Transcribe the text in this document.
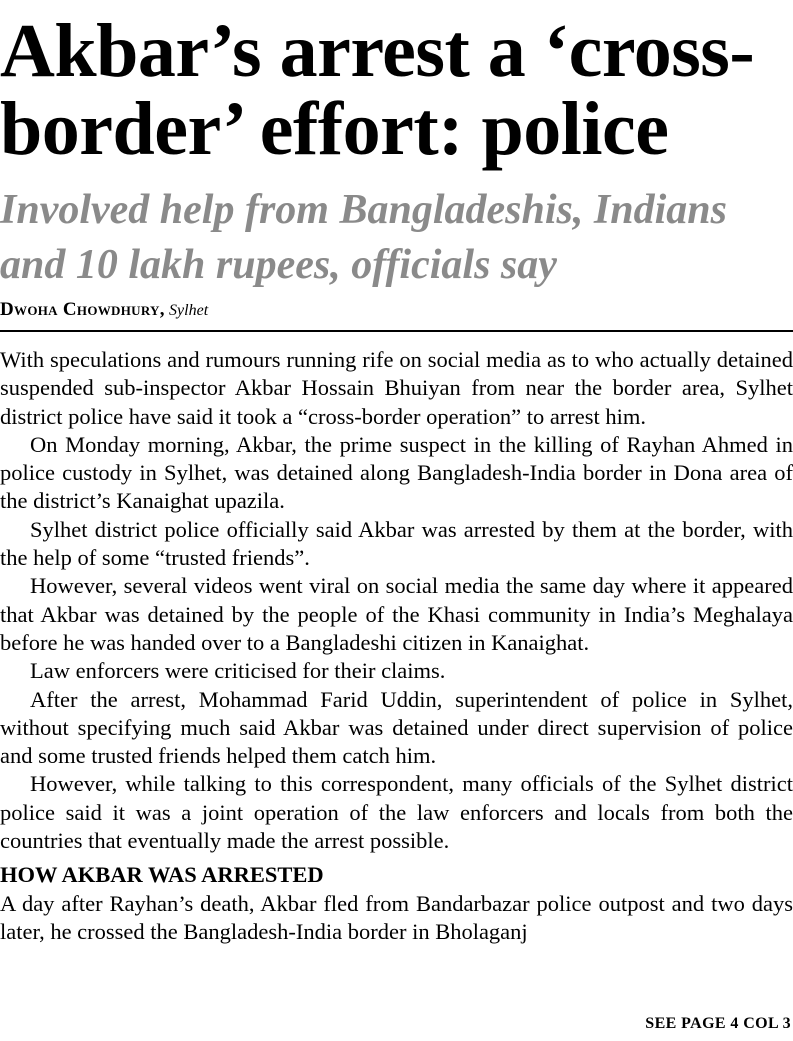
Akbar’s arrest a ‘cross-
border’ effort: police
Involved help from Bangladeshis, Indians
and 10 lakh rupees, officials say
Dwoha Chowdhury, Sylhet

With speculations and rumours running rife on social media as to who actually detained suspended sub-inspector Akbar Hossain Bhuiyan from near the border area, Sylhet district police have said it took a “cross-border operation” to arrest him.

On Monday morning, Akbar, the prime suspect in the killing of Rayhan Ahmed in police custody in Sylhet, was detained along Bangladesh-India border in Dona area of the district’s Kanaighat upazila.

Sylhet district police officially said Akbar was arrested by them at the border, with the help of some “trusted friends”.

However, several videos went viral on social media the same day where it appeared that Akbar was detained by the people of the Khasi community in India’s Meghalaya before he was handed over to a Bangladeshi citizen in Kanaighat.

Law enforcers were criticised for their claims.

After the arrest, Mohammad Farid Uddin, superintendent of police in Sylhet, without specifying much said Akbar was detained under direct supervision of police and some trusted friends helped them catch him.

However, while talking to this correspondent, many officials of the Sylhet district police said it was a joint operation of the law enforcers and locals from both the countries that eventually made the arrest possible.

HOW AKBAR WAS ARRESTED

A day after Rayhan’s death, Akbar fled from Bandarbazar police outpost and two days later, he crossed the Bangladesh-India border in Bholaganj

SEE PAGE 4 COL 3
